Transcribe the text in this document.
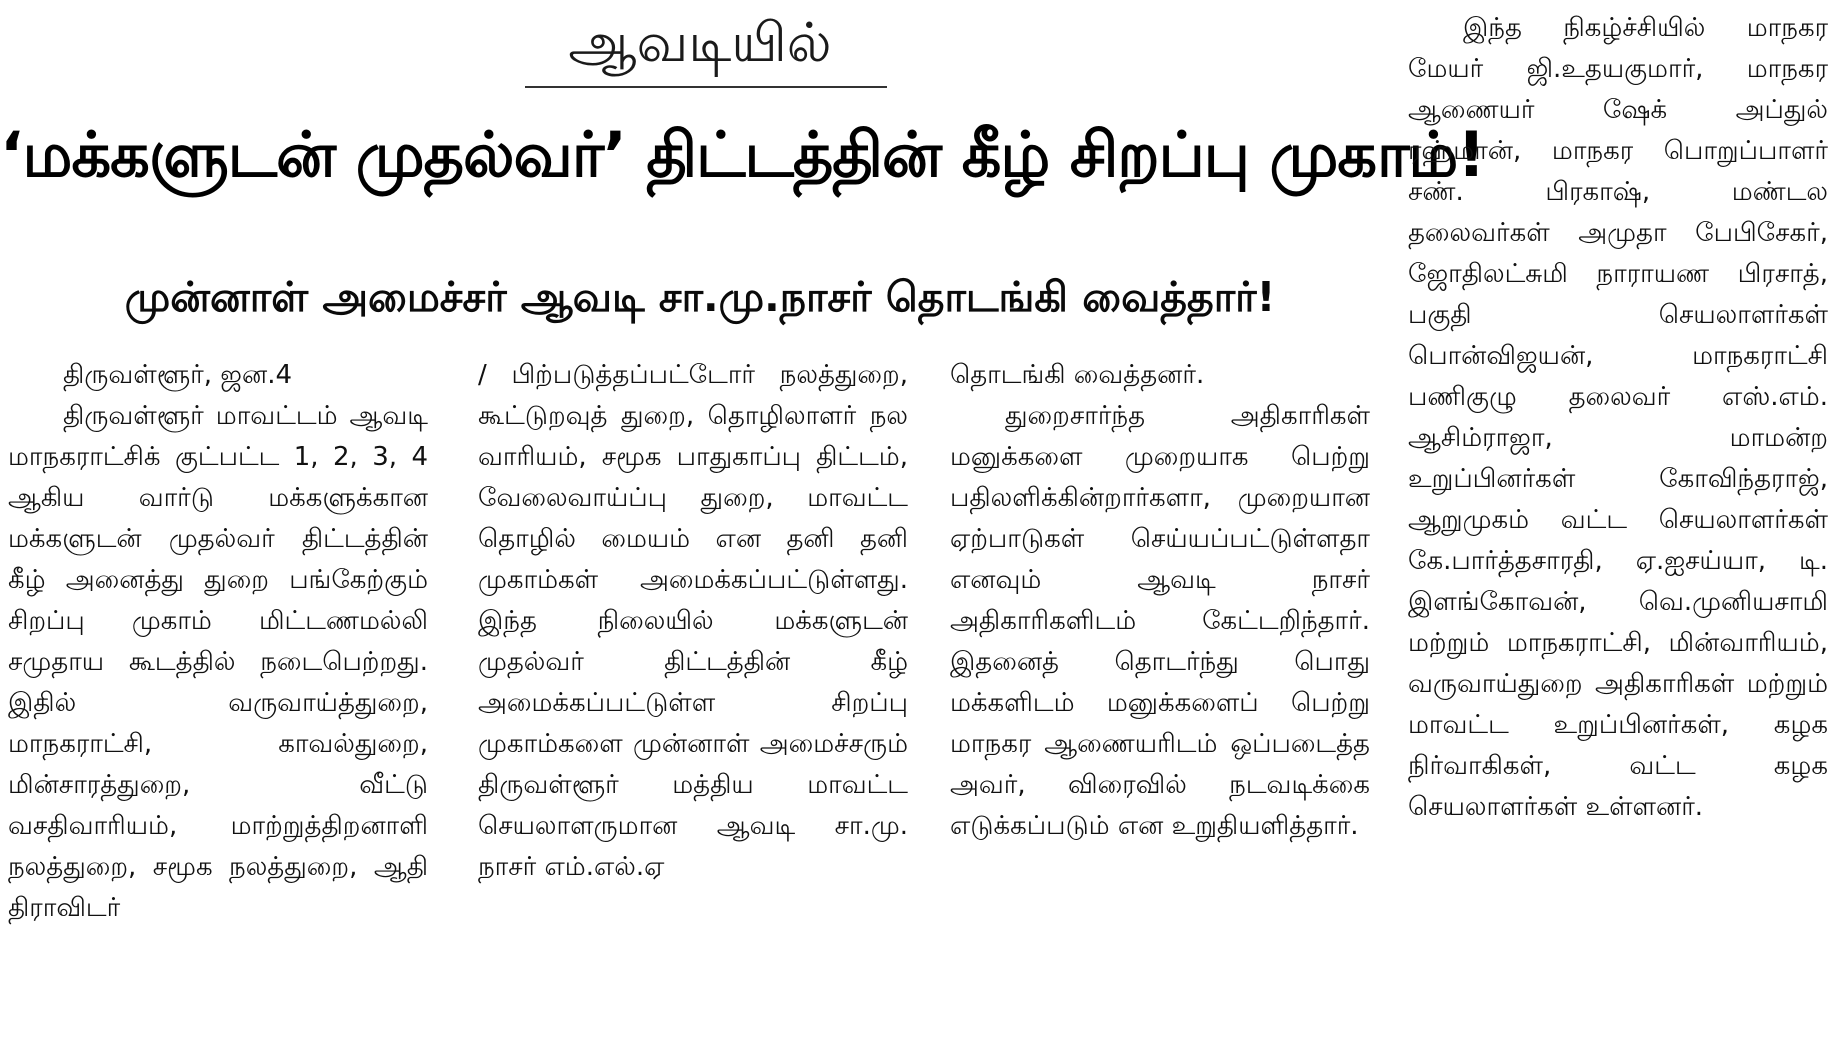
ஆவடியில்
‘மக்களுடன் முதல்வர்’ திட்டத்தின் கீழ் சிறப்பு முகாம்!
முன்னாள் அமைச்சர் ஆவடி சா.மு.நாசர் தொடங்கி வைத்தார்!

திருவள்ளூர், ஜன.4

திருவள்ளூர் மாவட்டம் ஆவடி மாநகராட்சிக் குட்பட்ட 1, 2, 3, 4 ஆகிய வார்டு மக்களுக்கான மக்களுடன் முதல்வர் திட்டத்தின் கீழ் அனைத்து துறை பங்கேற்கும் சிறப்பு முகாம் மிட்டணமல்லி சமுதாய கூடத்தில் நடைபெற்றது. இதில் வருவாய்த்துறை, மாநகராட்சி, காவல்துறை, மின்சாரத்துறை, வீட்டு வசதிவாரியம், மாற்றுத்திறனாளி நலத்துறை, சமூக நலத்துறை, ஆதி திராவிடர்

/ பிற்படுத்தப்பட்டோர் நலத்துறை, கூட்டுறவுத் துறை, தொழிலாளர் நல வாரியம், சமூக பாதுகாப்பு திட்டம், வேலைவாய்ப்பு துறை, மாவட்ட தொழில் மையம் என தனி தனி முகாம்கள் அமைக்கப்பட்டுள்ளது. இந்த நிலையில் மக்களுடன் முதல்வர் திட்டத்தின் கீழ் அமைக்கப்பட்டுள்ள சிறப்பு முகாம்களை முன்னாள் அமைச்சரும் திருவள்ளூர் மத்திய மாவட்ட செயலாளருமான ஆவடி சா.மு. நாசர் எம்.எல்.ஏ

தொடங்கி வைத்தனர்.

துறைசார்ந்த அதிகாரிகள் மனுக்களை முறையாக பெற்று பதிலளிக்கின்றார்களா, முறையான ஏற்பாடுகள் செய்யப்பட்டுள்ளதா எனவும் ஆவடி நாசர் அதிகாரிகளிடம் கேட்டறிந்தார். இதனைத் தொடர்ந்து பொது மக்களிடம் மனுக்களைப் பெற்று மாநகர ஆணையரிடம் ஒப்படைத்த அவர், விரைவில் நடவடிக்கை எடுக்கப்படும் என உறுதியளித்தார்.

இந்த நிகழ்ச்சியில் மாநகர மேயர் ஜி.உதயகுமார், மாநகர ஆணையர் ஷேக் அப்துல் ரஹ்மான், மாநகர பொறுப்பாளர் சண். பிரகாஷ், மண்டல தலைவர்கள் அமுதா பேபிசேகர், ஜோதிலட்சுமி நாராயண பிரசாத், பகுதி செயலாளர்கள் பொன்விஜயன், மாநகராட்சி பணிகுழு தலைவர் எஸ்.எம். ஆசிம்ராஜா, மாமன்ற உறுப்பினர்கள் கோவிந்தராஜ், ஆறுமுகம் வட்ட செயலாளர்கள் கே.பார்த்தசாரதி, ஏ.ஐசய்யா, டி. இளங்கோவன், வெ.முனியசாமி மற்றும் மாநகராட்சி, மின்வாரியம், வருவாய்துறை அதிகாரிகள் மற்றும் மாவட்ட உறுப்பினர்கள், கழக நிர்வாகிகள், வட்ட கழக செயலாளர்கள் உள்ளனர்.
